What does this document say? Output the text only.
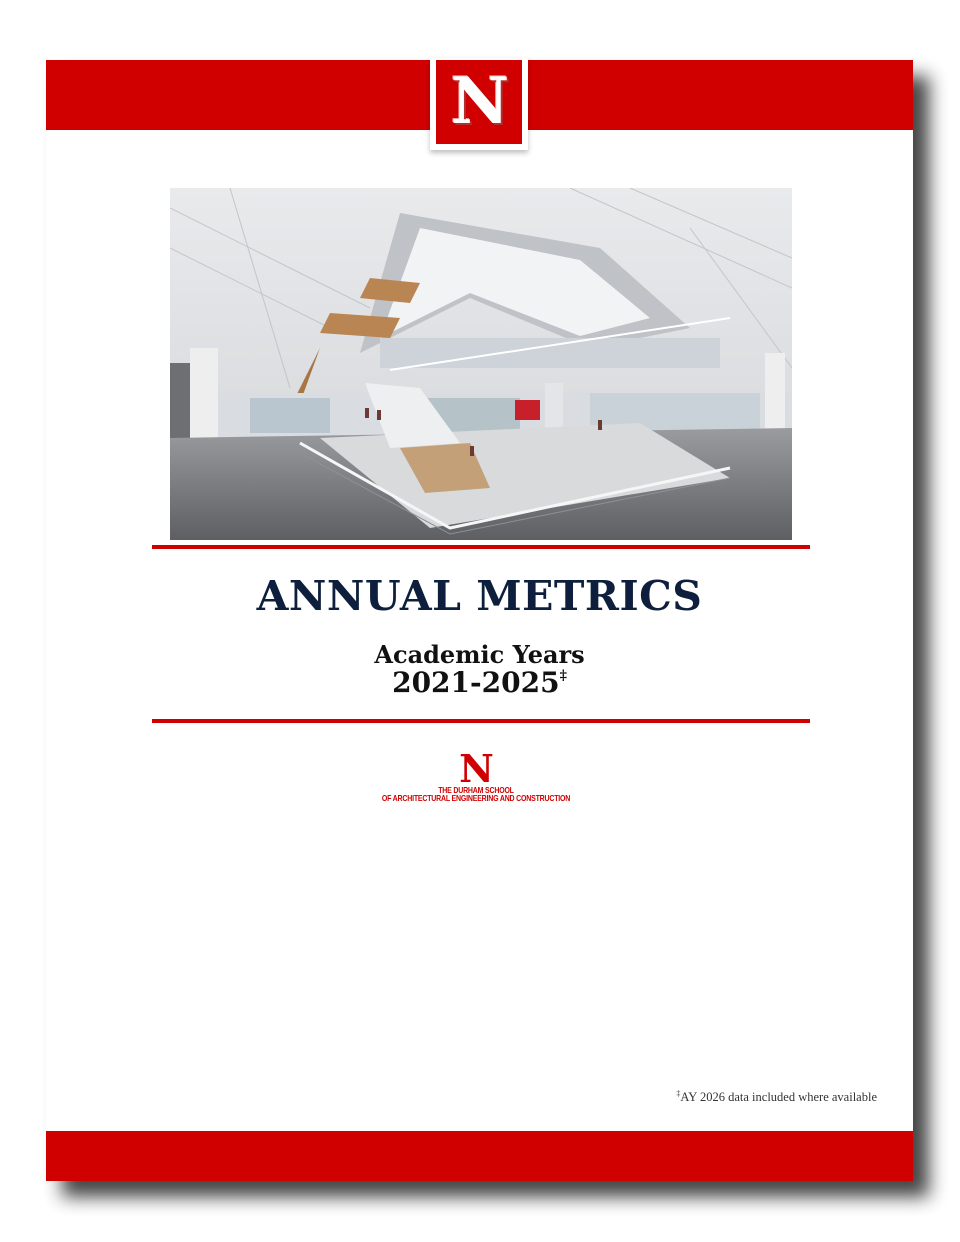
N
ANNUAL METRICS
Academic Years
2021-2025‡
N
THE DURHAM SCHOOL
OF ARCHITECTURAL ENGINEERING AND CONSTRUCTION
‡AY 2026 data included where available
